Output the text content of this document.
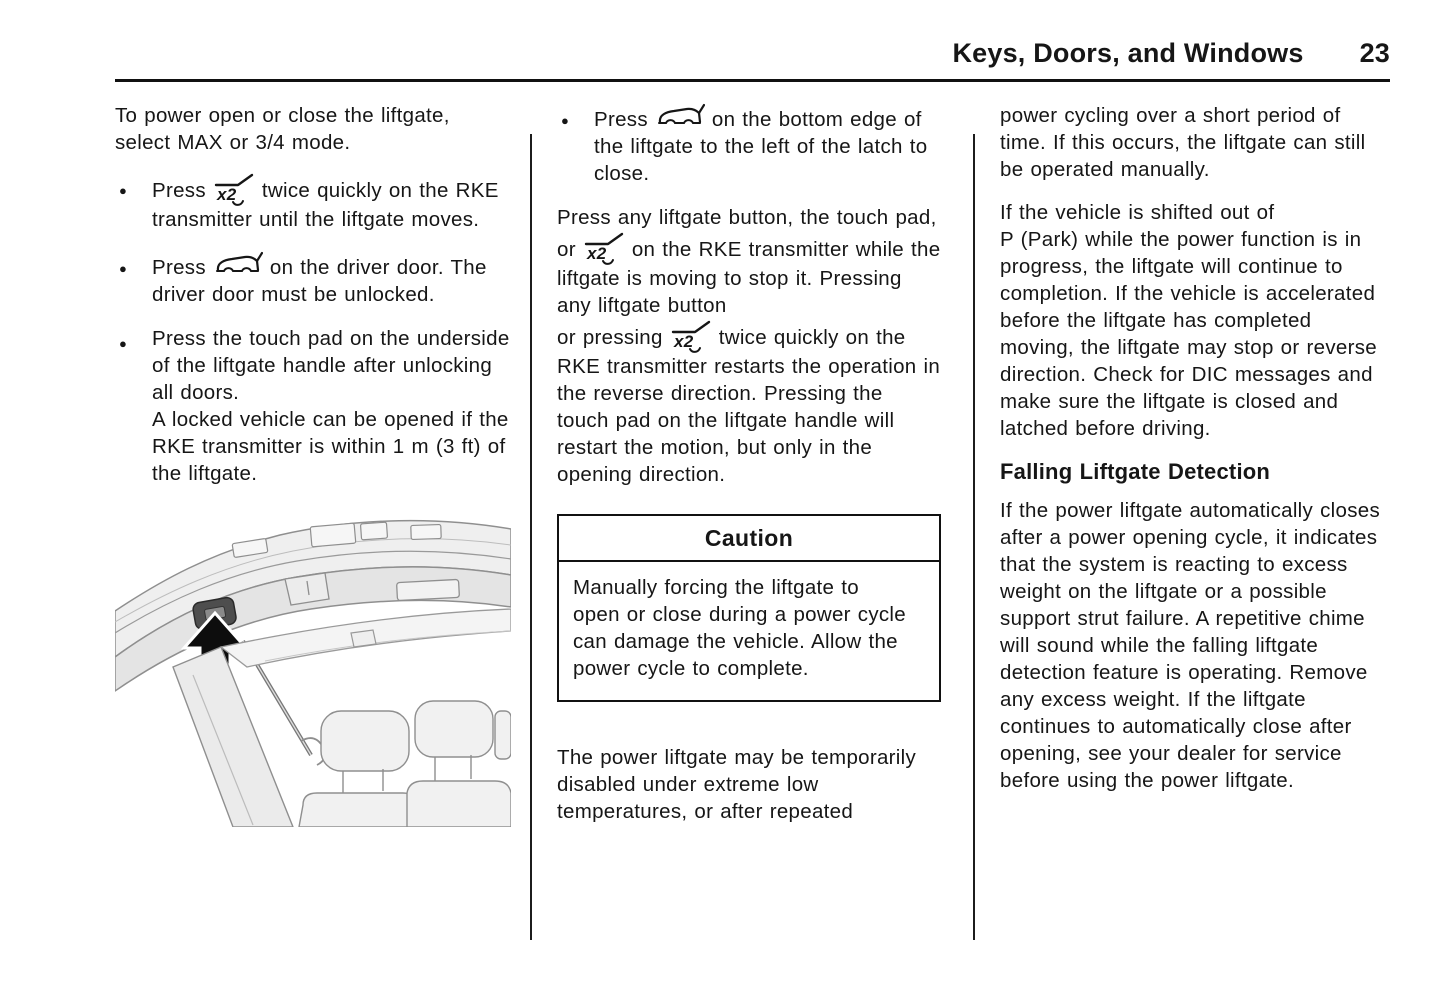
Keys, Doors, and Windows 23

To power open or close the liftgate, select MAX or 3/4 mode.

● Press x2 twice quickly on the RKE transmitter until the liftgate moves.
● Press
on the driver door. The driver door must be unlocked.
● Press the touch pad on the underside of the liftgate handle after unlocking all doors.
A locked vehicle can be opened if the RKE transmitter is within 1 m (3 ft) of the liftgate.
● Press
on the bottom edge of the liftgate to the left of the latch to close.

Press any liftgate button, the touch pad, or x2 on the RKE transmitter while the liftgate is moving to stop it. Pressing any liftgate button
or pressing x2 twice quickly on the RKE transmitter restarts the operation in the reverse direction. Pressing the touch pad on the liftgate handle will restart the motion, but only in the opening direction.

Caution
Manually forcing the liftgate to open or close during a power cycle can damage the vehicle. Allow the power cycle to complete.

The power liftgate may be temporarily disabled under extreme low temperatures, or after repeated

power cycling over a short period of time. If this occurs, the liftgate can still be operated manually.

If the vehicle is shifted out of
P (Park) while the power function is in progress, the liftgate will continue to completion. If the vehicle is accelerated before the liftgate has completed moving, the liftgate may stop or reverse direction. Check for DIC messages and make sure the liftgate is closed and latched before driving.

Falling Liftgate Detection

If the power liftgate automatically closes after a power opening cycle, it indicates that the system is reacting to excess weight on the liftgate or a possible support strut failure. A repetitive chime will sound while the falling liftgate detection feature is operating. Remove any excess weight. If the liftgate continues to automatically close after opening, see your dealer for service before using the power liftgate.
